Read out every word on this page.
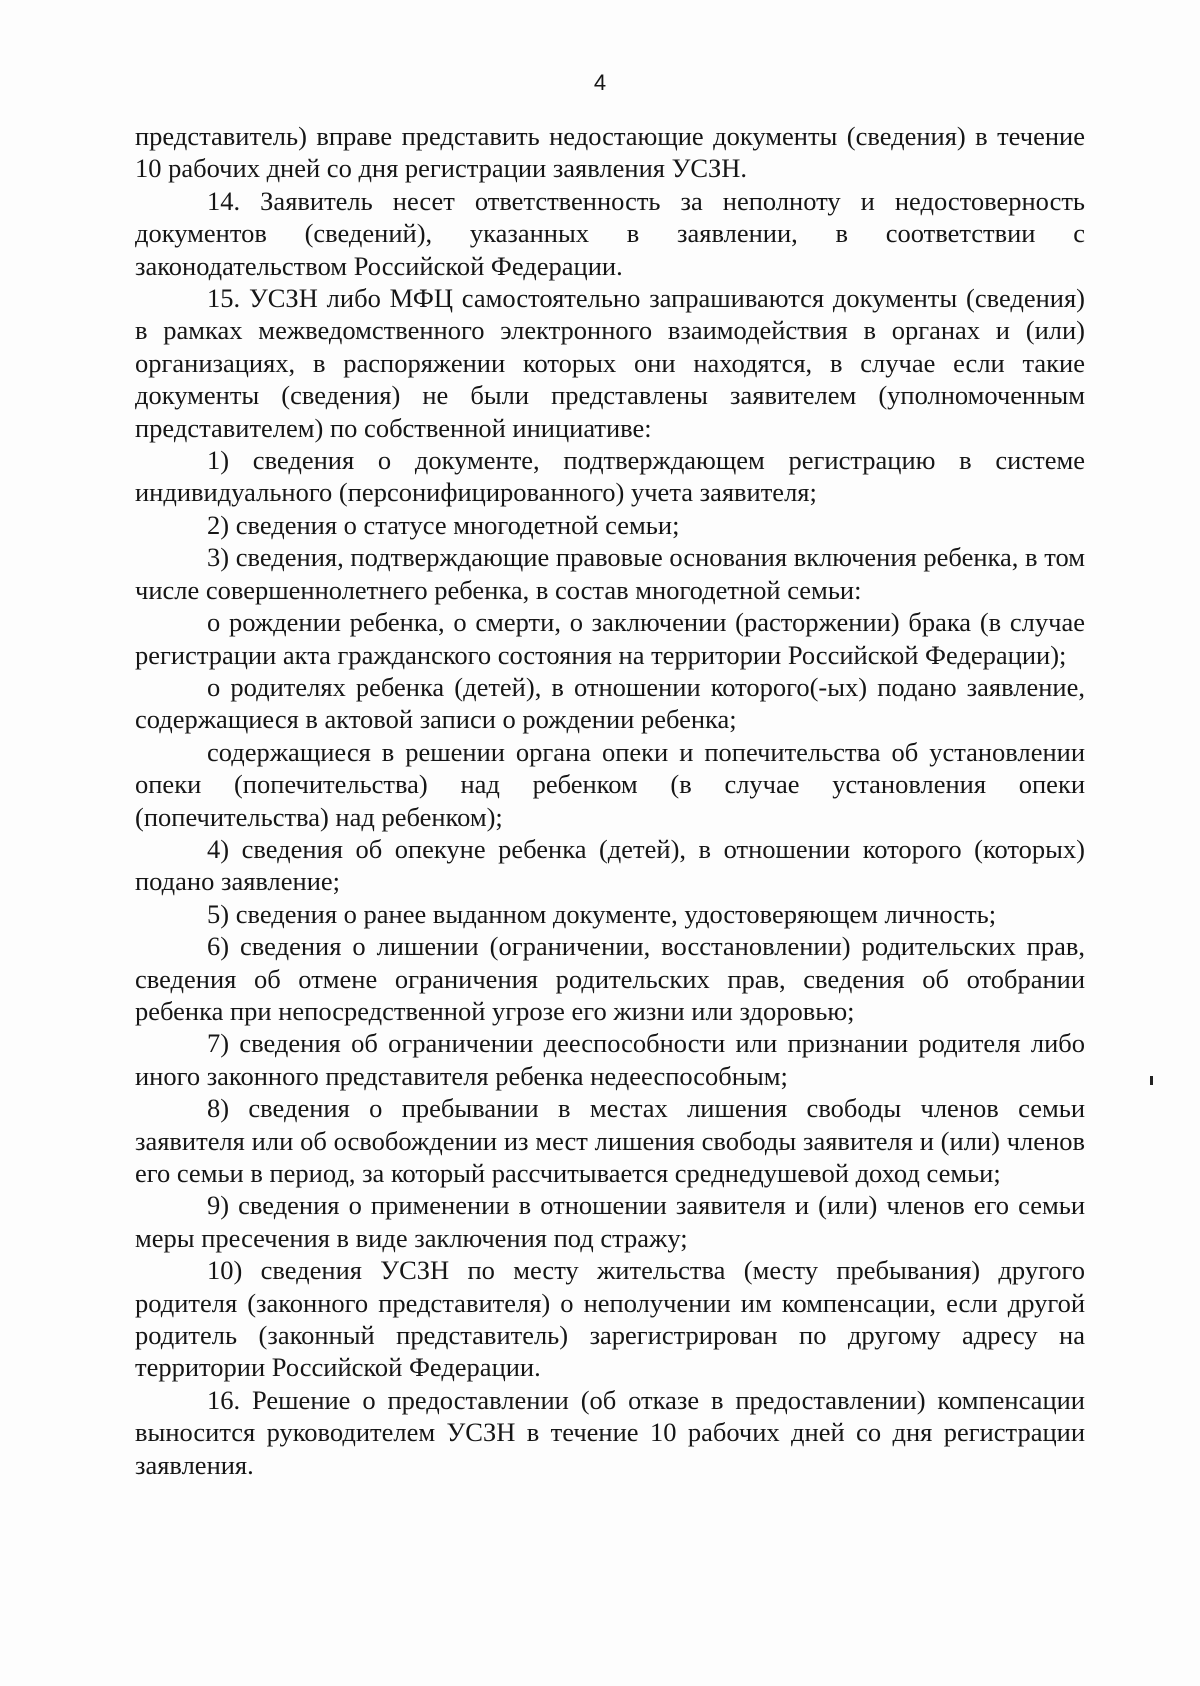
4

представитель) вправе представить недостающие документы (сведения) в течение 10 рабочих дней со дня регистрации заявления УСЗН.

14. Заявитель несет ответственность за неполноту и недостоверность документов (сведений), указанных в заявлении, в соответствии с законодательством Российской Федерации.

15. УСЗН либо МФЦ самостоятельно запрашиваются документы (сведения) в рамках межведомственного электронного взаимодействия в органах и (или) организациях, в распоряжении которых они находятся, в случае если такие документы (сведения) не были представлены заявителем (уполномоченным представителем) по собственной инициативе:

1) сведения о документе, подтверждающем регистрацию в системе индивидуального (персонифицированного) учета заявителя;

2) сведения о статусе многодетной семьи;

3) сведения, подтверждающие правовые основания включения ребенка, в том числе совершеннолетнего ребенка, в состав многодетной семьи:

о рождении ребенка, о смерти, о заключении (расторжении) брака (в случае регистрации акта гражданского состояния на территории Российской Федерации);

о родителях ребенка (детей), в отношении которого(-ых) подано заявление, содержащиеся в актовой записи о рождении ребенка;

содержащиеся в решении органа опеки и попечительства об установлении опеки (попечительства) над ребенком (в случае установления опеки (попечительства) над ребенком);

4) сведения об опекуне ребенка (детей), в отношении которого (которых) подано заявление;

5) сведения о ранее выданном документе, удостоверяющем личность;

6) сведения о лишении (ограничении, восстановлении) родительских прав, сведения об отмене ограничения родительских прав, сведения об отобрании ребенка при непосредственной угрозе его жизни или здоровью;

7) сведения об ограничении дееспособности или признании родителя либо иного законного представителя ребенка недееспособным;

8) сведения о пребывании в местах лишения свободы членов семьи заявителя или об освобождении из мест лишения свободы заявителя и (или) членов его семьи в период, за который рассчитывается среднедушевой доход семьи;

9) сведения о применении в отношении заявителя и (или) членов его семьи меры пресечения в виде заключения под стражу;

10) сведения УСЗН по месту жительства (месту пребывания) другого родителя (законного представителя) о неполучении им компенсации, если другой родитель (законный представитель) зарегистрирован по другому адресу на территории Российской Федерации.

16. Решение о предоставлении (об отказе в предоставлении) компенсации выносится руководителем УСЗН в течение 10 рабочих дней со дня регистрации заявления.
